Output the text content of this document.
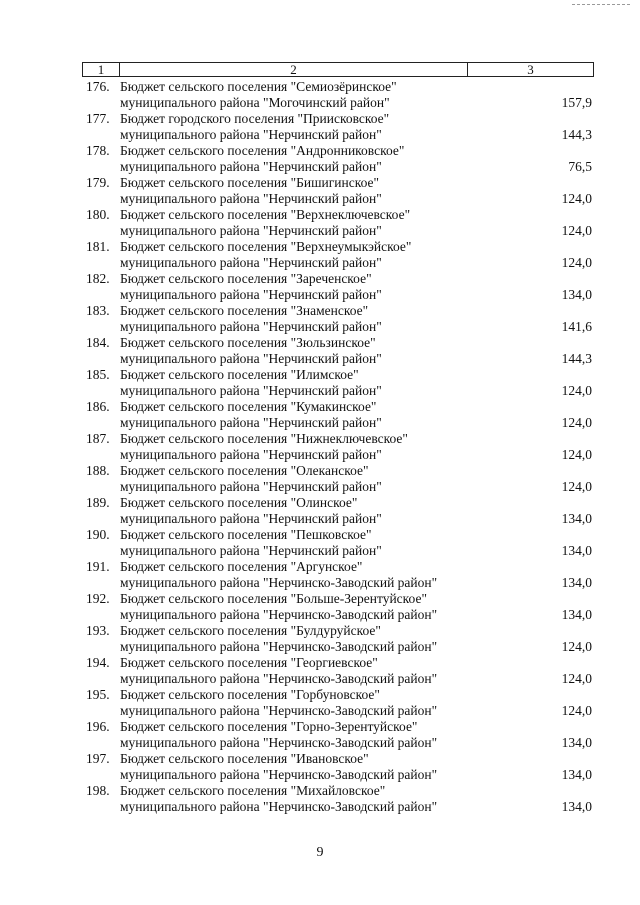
1	2	3
176. Бюджет сельского поселения "Семиозёринское"
муниципального района "Могочинский район"	157,9
177. Бюджет городского поселения "Приисковское"
муниципального района "Нерчинский район"	144,3
178. Бюджет сельского поселения "Андронниковское"
муниципального района "Нерчинский район"	76,5
179. Бюджет сельского поселения "Бишигинское"
муниципального района "Нерчинский район"	124,0
180. Бюджет сельского поселения "Верхнеключевское"
муниципального района "Нерчинский район"	124,0
181. Бюджет сельского поселения "Верхнеумыкэйское"
муниципального района "Нерчинский район"	124,0
182. Бюджет сельского поселения "Зареченское"
муниципального района "Нерчинский район"	134,0
183. Бюджет сельского поселения "Знаменское"
муниципального района "Нерчинский район"	141,6
184. Бюджет сельского поселения "Зюльзинское"
муниципального района "Нерчинский район"	144,3
185. Бюджет сельского поселения "Илимское"
муниципального района "Нерчинский район"	124,0
186. Бюджет сельского поселения "Кумакинское"
муниципального района "Нерчинский район"	124,0
187. Бюджет сельского поселения "Нижнеключевское"
муниципального района "Нерчинский район"	124,0
188. Бюджет сельского поселения "Олеканское"
муниципального района "Нерчинский район"	124,0
189. Бюджет сельского поселения "Олинское"
муниципального района "Нерчинский район"	134,0
190. Бюджет сельского поселения "Пешковское"
муниципального района "Нерчинский район"	134,0
191. Бюджет сельского поселения "Аргунское"
муниципального района "Нерчинско-Заводский район"	134,0
192. Бюджет сельского поселения "Больше-Зерентуйское"
муниципального района "Нерчинско-Заводский район"	134,0
193. Бюджет сельского поселения "Булдуруйское"
муниципального района "Нерчинско-Заводский район"	124,0
194. Бюджет сельского поселения "Георгиевское"
муниципального района "Нерчинско-Заводский район"	124,0
195. Бюджет сельского поселения "Горбуновское"
муниципального района "Нерчинско-Заводский район"	124,0
196. Бюджет сельского поселения "Горно-Зерентуйское"
муниципального района "Нерчинско-Заводский район"	134,0
197. Бюджет сельского поселения "Ивановское"
муниципального района "Нерчинско-Заводский район"	134,0
198. Бюджет сельского поселения "Михайловское"
муниципального района "Нерчинско-Заводский район"	134,0
9
